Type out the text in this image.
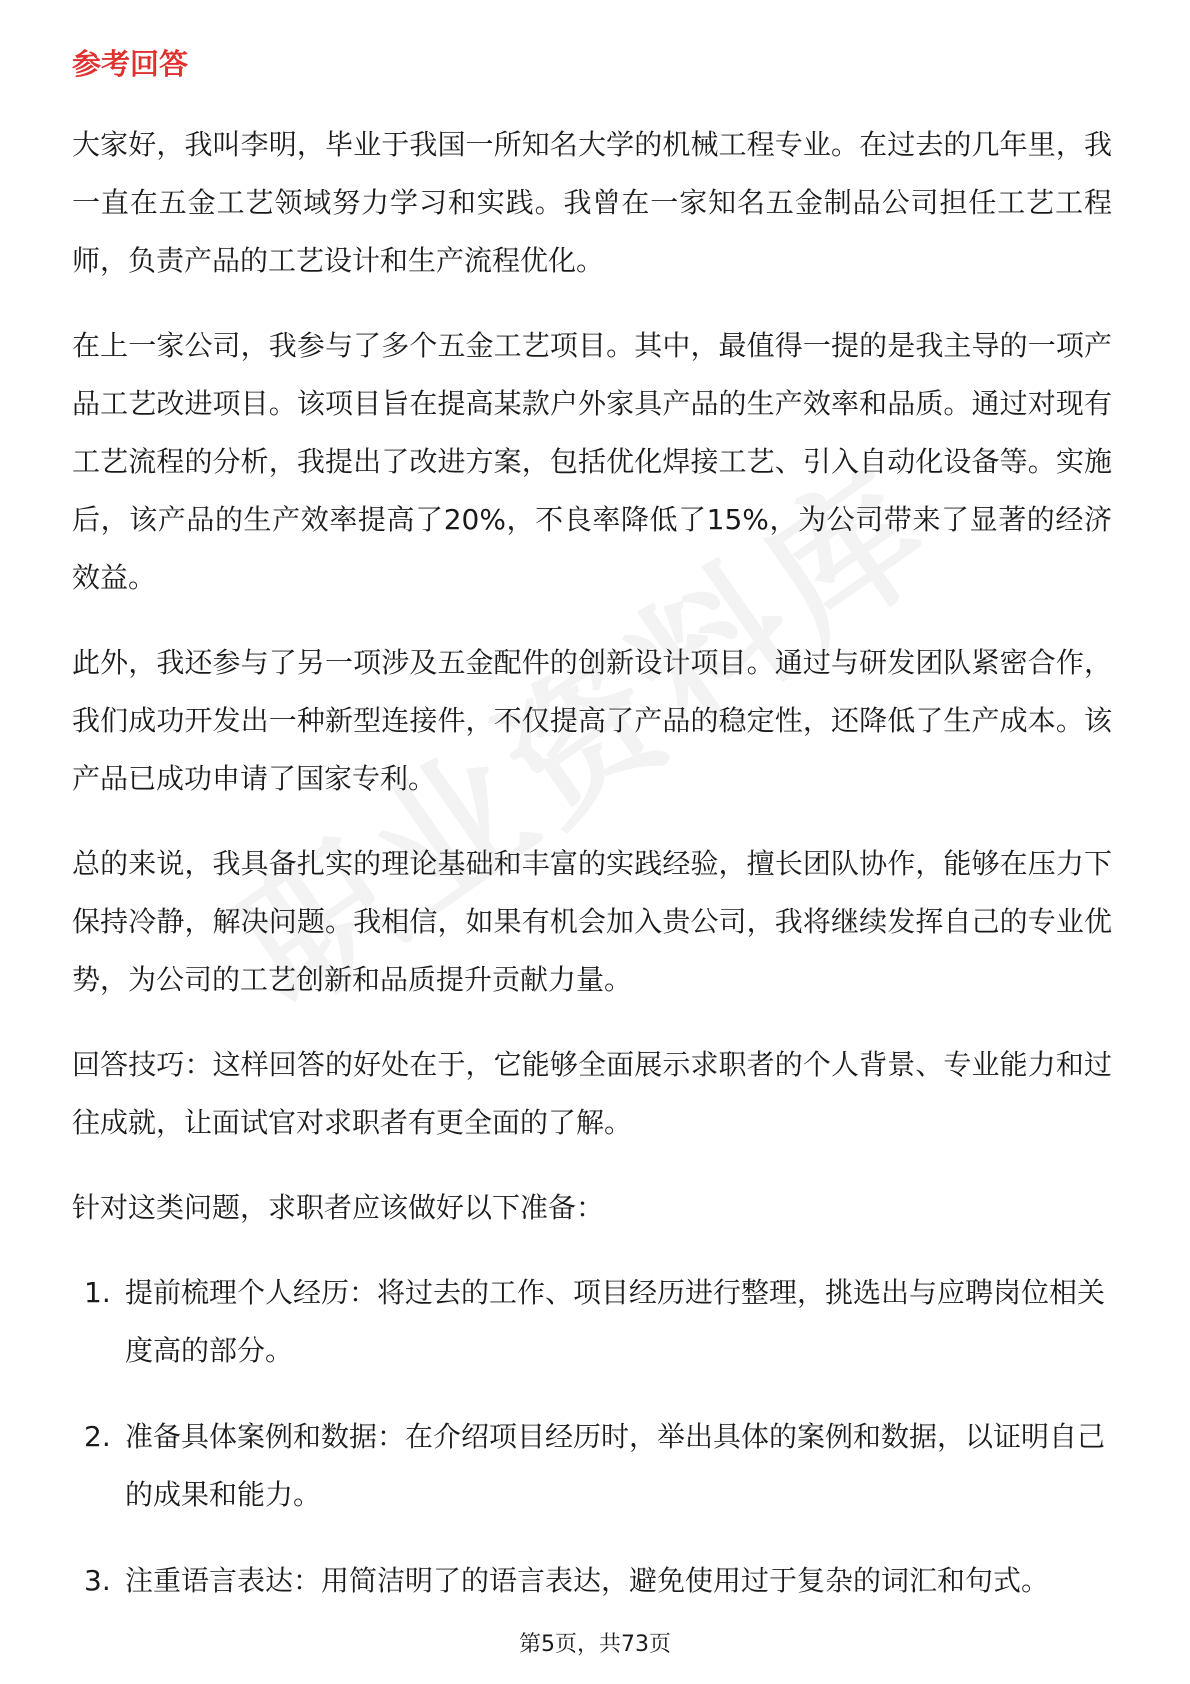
参考回答

大家好，我叫李明，毕业于我国一所知名大学的机械工程专业。在过去的几年里，我一直在五金工艺领域努力学习和实践。我曾在一家知名五金制品公司担任工艺工程师，负责产品的工艺设计和生产流程优化。

在上一家公司，我参与了多个五金工艺项目。其中，最值得一提的是我主导的一项产品工艺改进项目。该项目旨在提高某款户外家具产品的生产效率和品质。通过对现有工艺流程的分析，我提出了改进方案，包括优化焊接工艺、引入自动化设备等。实施后，该产品的生产效率提高了20%，不良率降低了15%，为公司带来了显著的经济效益。

此外，我还参与了另一项涉及五金配件的创新设计项目。通过与研发团队紧密合作，我们成功开发出一种新型连接件，不仅提高了产品的稳定性，还降低了生产成本。该产品已成功申请了国家专利。

总的来说，我具备扎实的理论基础和丰富的实践经验，擅长团队协作，能够在压力下保持冷静，解决问题。我相信，如果有机会加入贵公司，我将继续发挥自己的专业优势，为公司的工艺创新和品质提升贡献力量。

回答技巧：这样回答的好处在于，它能够全面展示求职者的个人背景、专业能力和过往成就，让面试官对求职者有更全面的了解。

针对这类问题，求职者应该做好以下准备：

1. 提前梳理个人经历：将过去的工作、项目经历进行整理，挑选出与应聘岗位相关度高的部分。
2. 准备具体案例和数据：在介绍项目经历时，举出具体的案例和数据，以证明自己的成果和能力。
3. 注重语言表达：用简洁明了的语言表达，避免使用过于复杂的词汇和句式。
第5页，共73页
